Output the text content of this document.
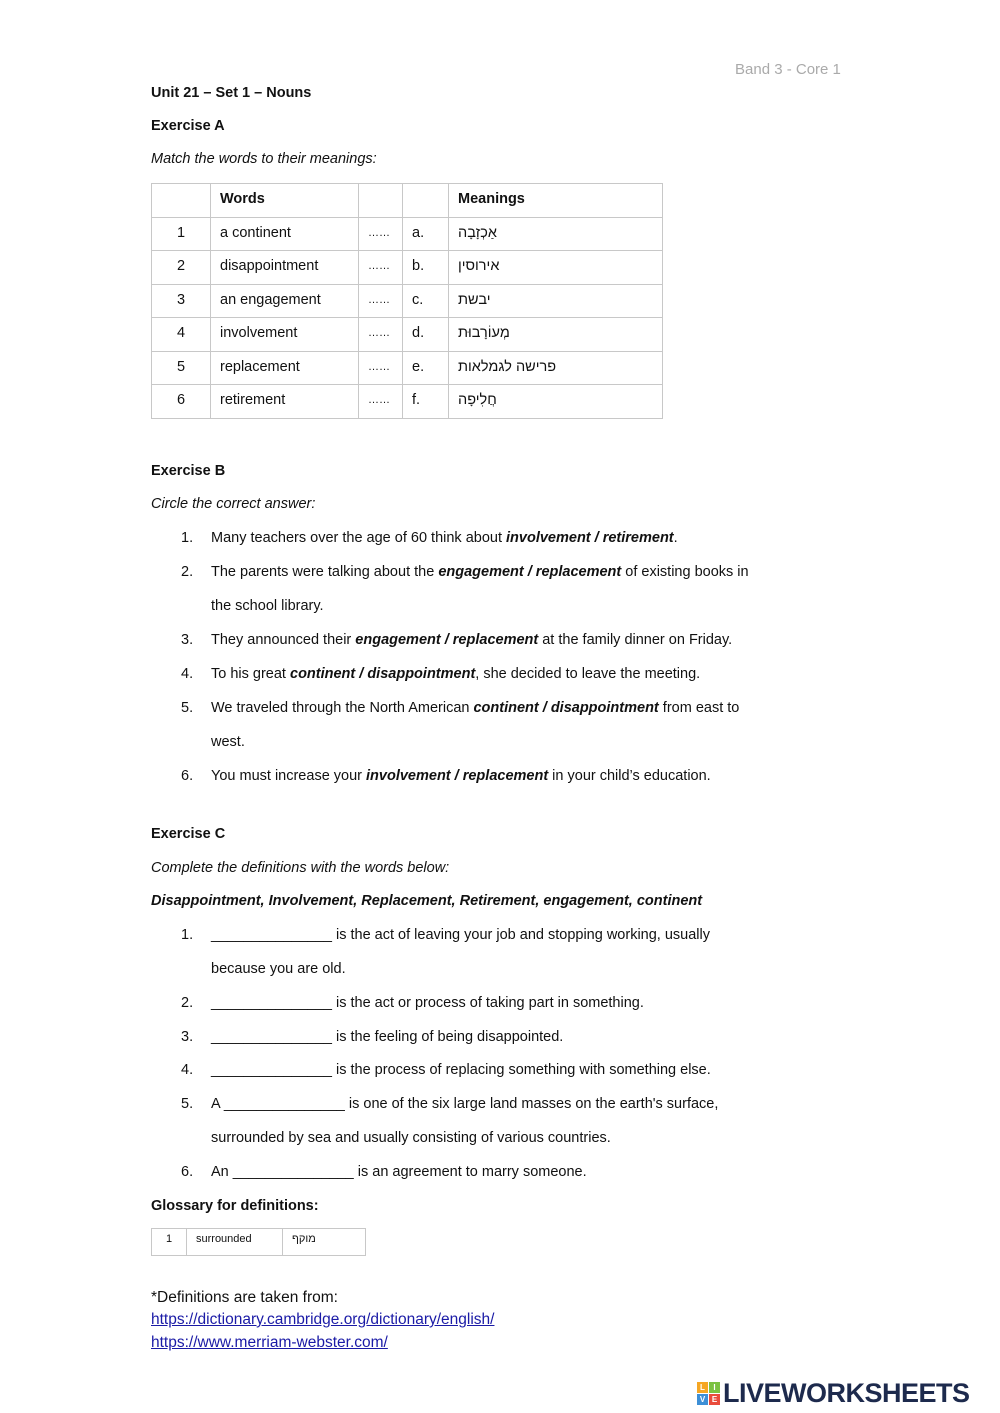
Band 3 - Core 1
Unit 21 – Set 1 – Nouns
Exercise A
Match the words to their meanings:
	Words			Meanings
1	a continent	……	a.	אַכְזָבָה
2	disappointment	……	b.	אירוסין
3	an engagement	……	c.	יבשת
4	involvement	……	d.	מְעוֹרָבוּת
5	replacement	……	e.	פרישה לגמלאות
6	retirement	……	f.	חֲלִיפָה
Exercise B
Circle the correct answer:
1. Many teachers over the age of 60 think about involvement / retirement.
2. The parents were talking about the engagement / replacement of existing books in
the school library.
3. They announced their engagement / replacement at the family dinner on Friday.
4. To his great continent / disappointment, she decided to leave the meeting.
5. We traveled through the North American continent / disappointment from east to
west.
6. You must increase your involvement / replacement in your child’s education.
Exercise C
Complete the definitions with the words below:
Disappointment, Involvement, Replacement, Retirement, engagement, continent
1. _______________ is the act of leaving your job and stopping working, usually
because you are old.
2. _______________ is the act or process of taking part in something.
3. _______________ is the feeling of being disappointed.
4. _______________ is the process of replacing something with something else.
5. A _______________ is one of the six large land masses on the earth's surface,
surrounded by sea and usually consisting of various countries.
6. An _______________ is an agreement to marry someone.
Glossary for definitions:
1	surrounded	מוקף
*Definitions are taken from:
https://dictionary.cambridge.org/dictionary/english/
https://www.merriam-webster.com/
L	I
V E LIVEWORKSHEETS
